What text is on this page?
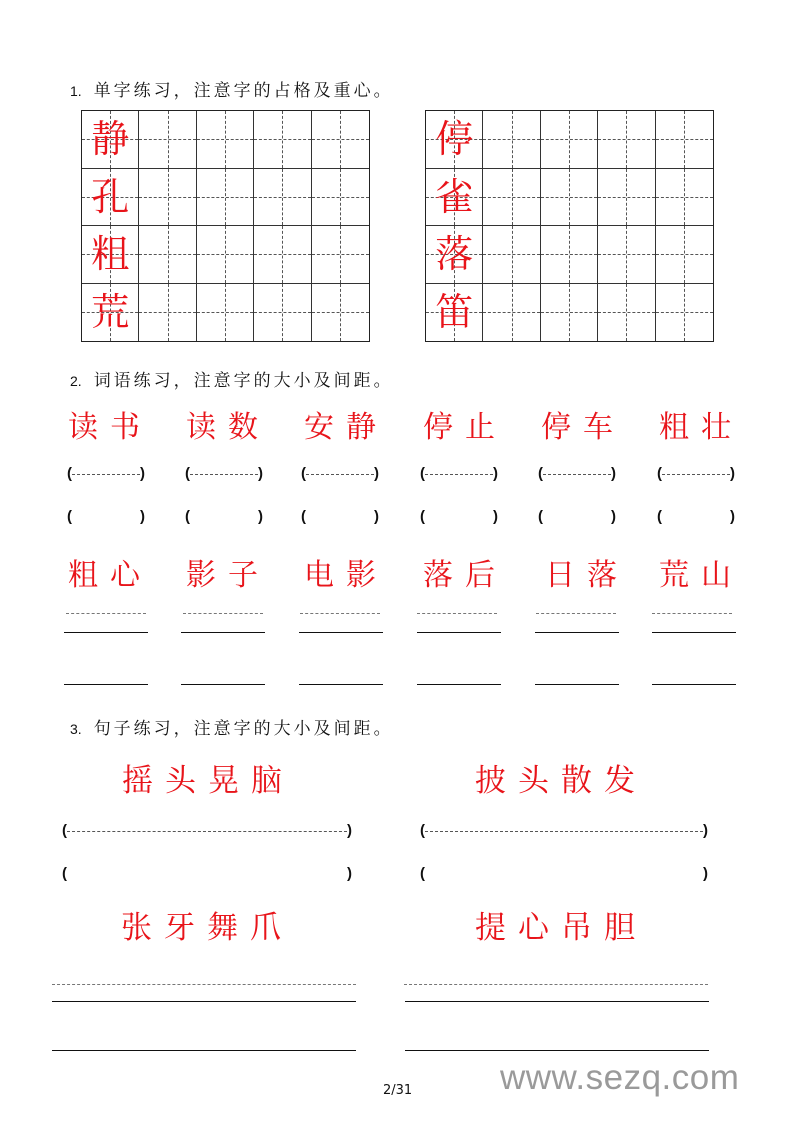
1. 单字练习，注意字的占格及重心。
静
孔
粗
荒
停
雀
落
笛
2. 词语练习，注意字的大小及间距。
读书 读数 安静 停止 停车 粗壮
(	)	(	)	(	)	(	)	(	)	(	)
(	)	(	)	(	)	(	)	(	)	(	)
粗心 影子 电影 落后 日落 荒山
3. 句子练习，注意字的大小及间距。
摇头晃脑	披头散发
(	)	(	)
(	)	(	)
张牙舞爪	提心吊胆
2/31	www.sezq.com
